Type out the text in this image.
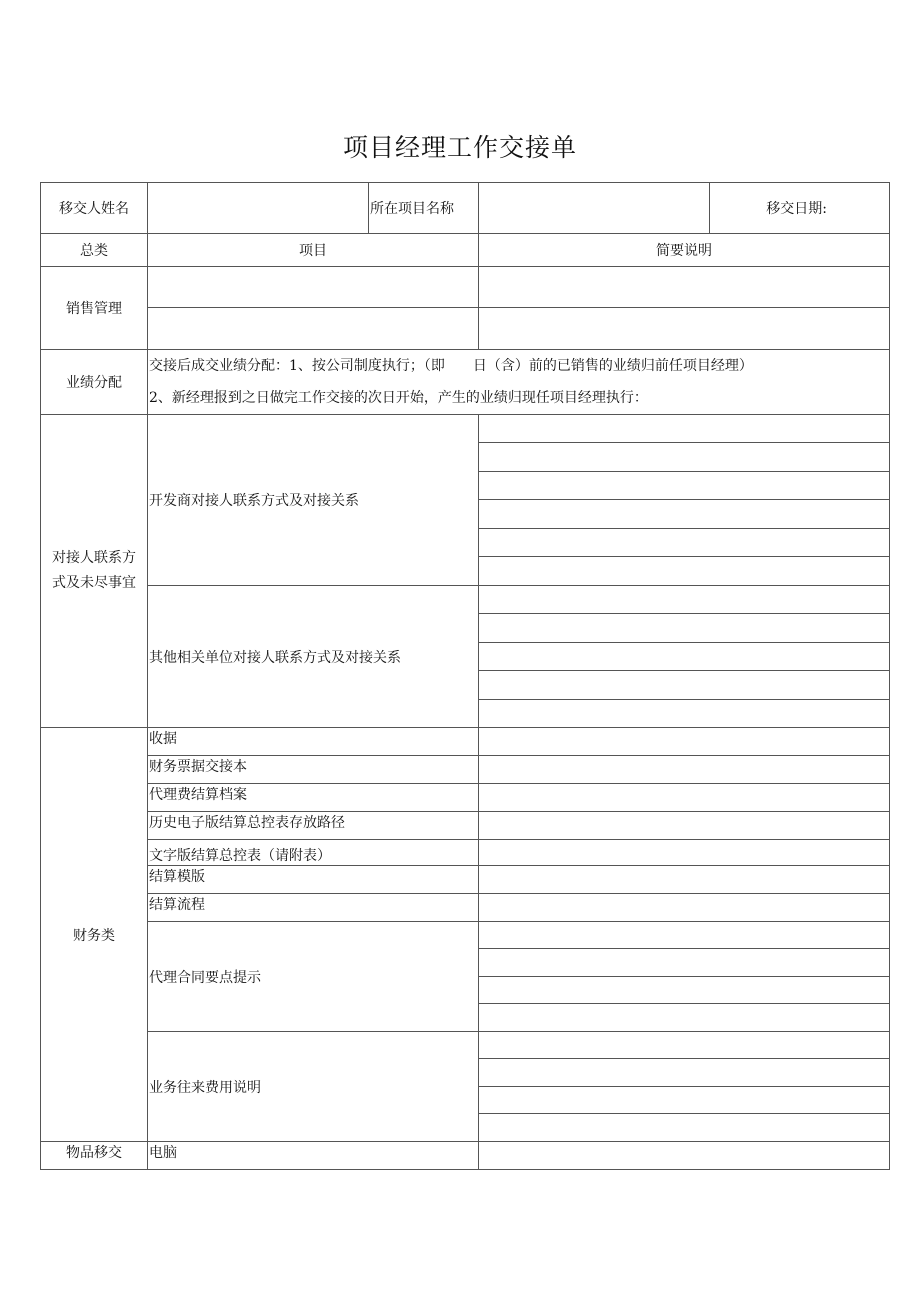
项目经理工作交接单
移交人姓名		所在项目名称		移交日期:
总类	项目		简要说明	
销售管理				

业绩分配	交接后成交业绩分配：1、按公司制度执行；（即　　日（含）前的已销售的业绩归前任项目经理）
2、新经理报到之日做完工作交接的次日开始，产生的业绩归现任项目经理执行：			

对接人联系方式及未尽事宜	开发商对接人联系方式及对接关系			

	其他相关单位对接人联系方式及对接关系			

财务类	收据			
	财务票据交接本			
	代理费结算档案			
	历史电子版结算总控表存放路径			
	文字版结算总控表（请附表）			
	结算模版			
	结算流程			
	代理合同要点提示			

	业务往来费用说明			

物品移交	电脑			
